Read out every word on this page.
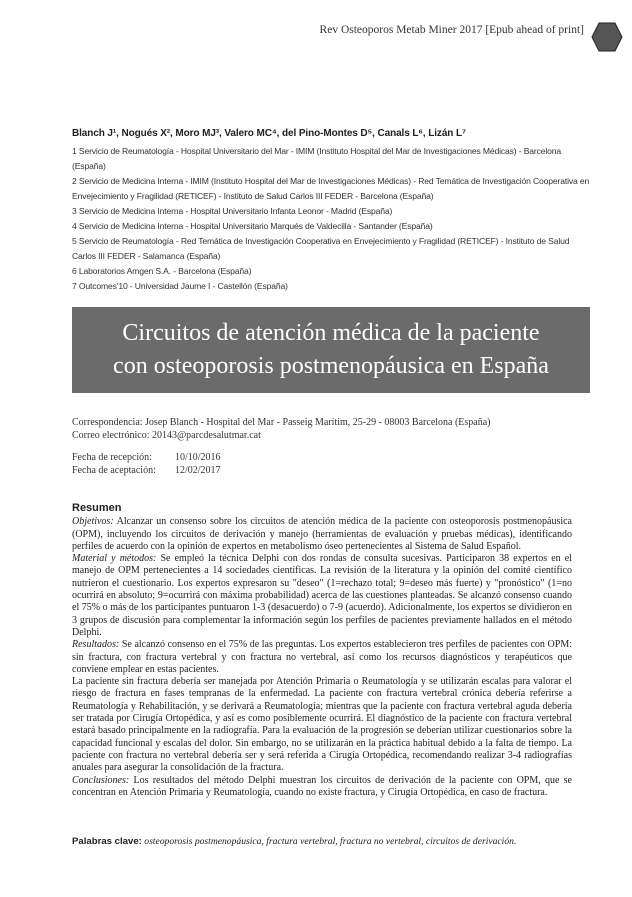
Rev Osteoporos Metab Miner 2017 [Epub ahead of print]
Blanch J¹, Nogués X², Moro MJ³, Valero MC⁴, del Pino-Montes D⁵, Canals L⁶, Lizán L⁷
1 Servicio de Reumatología - Hospital Universitario del Mar - IMIM (Instituto Hospital del Mar de Investigaciones Médicas) - Barcelona (España)
2 Servicio de Medicina Interna - IMIM (Instituto Hospital del Mar de Investigaciones Médicas) - Red Temática de Investigación Cooperativa en Envejecimiento y Fragilidad (RETICEF) - Instituto de Salud Carlos III FEDER - Barcelona (España)
3 Servicio de Medicina Interna - Hospital Universitario Infanta Leonor - Madrid (España)
4 Servicio de Medicina Interna - Hospital Universitario Marqués de Valdecilla - Santander (España)
5 Servicio de Reumatología - Red Temática de Investigación Cooperativa en Envejecimiento y Fragilidad (RETICEF) - Instituto de Salud Carlos III FEDER - Salamanca (España)
6 Laboratorios Amgen S.A. - Barcelona (España)
7 Outcomes'10 - Universidad Jaume I - Castellón (España)
Circuitos de atención médica de la paciente
con osteoporosis postmenopáusica en España
Correspondencia: Josep Blanch - Hospital del Mar - Passeig Marítim, 25-29 - 08003 Barcelona (España)
Correo electrónico: 20143@parcdesalutmar.cat
Fecha de recepción: 10/10/2016
Fecha de aceptación: 12/02/2017
Resumen

Objetivos: Alcanzar un consenso sobre los circuitos de atención médica de la paciente con osteoporosis postmenopáusica (OPM), incluyendo los circuitos de derivación y manejo (herramientas de evaluación y pruebas médicas), identificando perfiles de acuerdo con la opinión de expertos en metabolismo óseo pertenecientes al Sistema de Salud Español.

Material y métodos: Se empleó la técnica Delphi con dos rondas de consulta sucesivas. Participaron 38 expertos en el manejo de OPM pertenecientes a 14 sociedades científicas. La revisión de la literatura y la opinión del comité científico nutrieron el cuestionario. Los expertos expresaron su "deseo" (1=rechazo total; 9=deseo más fuerte) y "pronóstico" (1=no ocurrirá en absoluto; 9=ocurrirá con máxima probabilidad) acerca de las cuestiones planteadas. Se alcanzó consenso cuando el 75% o más de los participantes puntuaron 1-3 (desacuerdo) o 7-9 (acuerdo). Adicionalmente, los expertos se dividieron en 3 grupos de discusión para complementar la información según los perfiles de pacientes previamente hallados en el método Delphi.

Resultados: Se alcanzó consenso en el 75% de las preguntas. Los expertos establecieron tres perfiles de pacientes con OPM: sin fractura, con fractura vertebral y con fractura no vertebral, así como los recursos diagnósticos y terapéuticos que conviene emplear en estas pacientes.

La paciente sin fractura debería ser manejada por Atención Primaria o Reumatología y se utilizarán escalas para valorar el riesgo de fractura en fases tempranas de la enfermedad. La paciente con fractura vertebral crónica debería referirse a Reumatología y Rehabilitación, y se derivará a Reumatología; mientras que la paciente con fractura vertebral aguda debería ser tratada por Cirugía Ortopédica, y así es como posiblemente ocurrirá. El diagnóstico de la paciente con fractura vertebral estará basado principalmente en la radiografía. Para la evaluación de la progresión se deberían utilizar cuestionarios sobre la capacidad funcional y escalas del dolor. Sin embargo, no se utilizarán en la práctica habitual debido a la falta de tiempo. La paciente con fractura no vertebral debería ser y será referida a Cirugía Ortopédica, recomendando realizar 3-4 radiografías anuales para asegurar la consolidación de la fractura.

Conclusiones: Los resultados del método Delphi muestran los circuitos de derivación de la paciente con OPM, que se concentran en Atención Primaria y Reumatología, cuando no existe fractura, y Cirugía Ortopédica, en caso de fractura.

Palabras clave: osteoporosis postmenopáusica, fractura vertebral, fractura no vertebral, circuitos de derivación.
